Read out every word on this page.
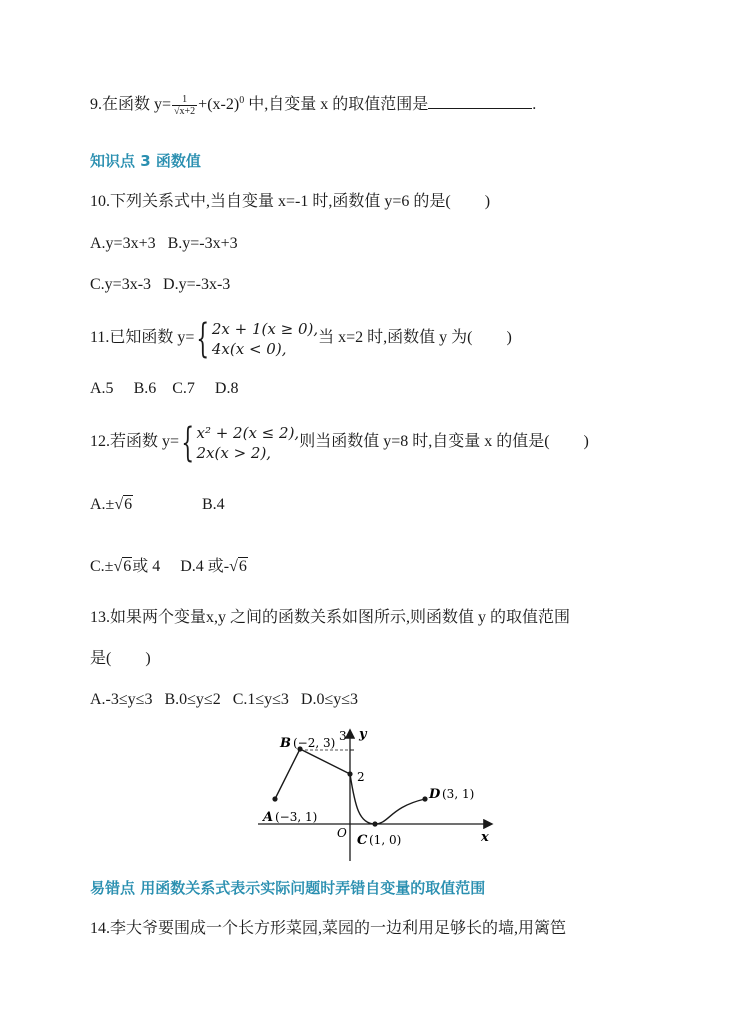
9.在函数 $y= \frac{1}{√x+2} +(x-2)^0$ 中,自变量 x 的取值范围是	.
知识点 3 函数值
10.下列关系式中,当自变量 x=-1 时,函数值 y=6 的是( )
A.y=3x+3 B.y=-3x+3
C.y=3x-3 D.y=-3x-3
11.已知函数 y={ 2x + 1(x ≥ 0),
4x(x < 0),
当 x=2 时,函数值 y 为( )
A.5 B.6 C.7 D.8
12.若函数 y={ x² + 2(x ≤ 2),
2x(x > 2),
则当函数值 y=8 时,自变量 x 的值是( )
A.±√6	B.4
C.±√6或 4 D.4 或-√6
13.如果两个变量x,y 之间的函数关系如图所示,则函数值 y 的取值范围
是( )
A.-3≤y≤3 B.0≤y≤2 C.1≤y≤3 D.0≤y≤3
y
x
O
3
2
B (−2, 3)
A (−3, 1)
C (1, 0)
D (3, 1)
易错点 用函数关系式表示实际问题时弄错自变量的取值范围
14.李大爷要围成一个长方形菜园,菜园的一边利用足够长的墙,用篱笆
